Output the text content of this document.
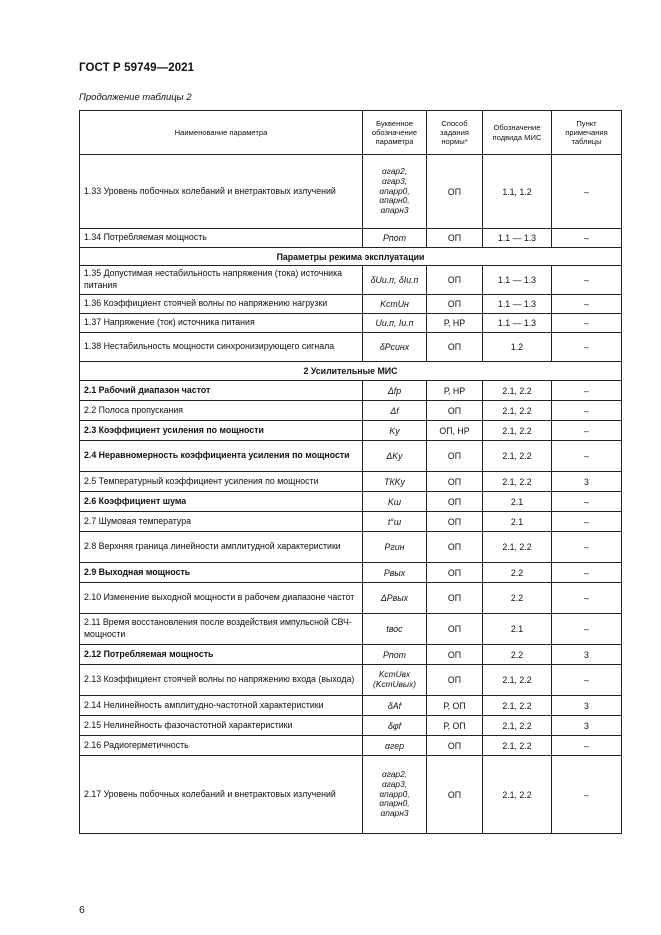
ГОСТ Р 59749—2021
Продолжение таблицы 2
Наименование параметра	Буквенное обозначение параметра	Способ задания нормы*	Обозначение подвида МИС	Пункт примечания таблицы
1.33 Уровень побочных колебаний и внетрактовых излучений	αгар2,
αгар3,
αпарр0,
αпарн0,
αпарн3	ОП	1.1, 1.2	–
1.34 Потребляемая мощность	Pпот	ОП	1.1 — 1.3	–
Параметры режима эксплуатации				
1.35 Допустимая нестабильность напряжения (тока) источника питания	δUи.п, δIи.п	ОП	1.1 — 1.3	–
1.36 Коэффициент стоячей волны по напряжению нагрузки	KстUн	ОП	1.1 — 1.3	–
1.37 Напряжение (ток) источника питания	Uи.п, Iи.п	Р, НР	1.1 — 1.3	–
1.38 Нестабильность мощности синхронизирующего сигнала	δPсинх	ОП	1.2	–
2 Усилительные МИС				
2.1 Рабочий диапазон частот	Δfр	Р, НР	2.1, 2.2	–
2.2 Полоса пропускания	Δf	ОП	2.1, 2.2	–
2.3 Коэффициент усиления по мощности	Kу	ОП, НР	2.1, 2.2	–
2.4 Неравномерность коэффициента усиления по мощности	ΔKу	ОП	2.1, 2.2	–
2.5 Температурный коэффициент усиления по мощности	ТКKу	ОП	2.1, 2.2	3
2.6 Коэффициент шума	Kш	ОП	2.1	–
2.7 Шумовая температура	t°ш	ОП	2.1	–
2.8 Верхняя граница линейности амплитудной характеристики	Pгин	ОП	2.1, 2.2	–
2.9 Выходная мощность	Pвых	ОП	2.2	–
2.10 Изменение выходной мощности в рабочем диапазоне частот	ΔPвых	ОП	2.2	–
2.11 Время восстановления после воздействия импульсной СВЧ-мощности	tвос	ОП	2.1	–
2.12 Потребляемая мощность	Pпот	ОП	2.2	3
2.13 Коэффициент стоячей волны по напряжению входа (выхода)	KстUвх
(KстUвых)	ОП	2.1, 2.2	–
2.14 Нелинейность амплитудно-частотной характеристики	δAf	Р, ОП	2.1, 2.2	3
2.15 Нелинейность фазочастотной характеристики	δφf	Р, ОП	2.1, 2.2	3
2.16 Радиогерметичность	αгер	ОП	2.1, 2.2	–
2.17 Уровень побочных колебаний и внетрактовых излучений	αгар2,
αгар3,
αпарр0,
αпарн0,
αпарн3	ОП	2.1, 2.2	–
6
